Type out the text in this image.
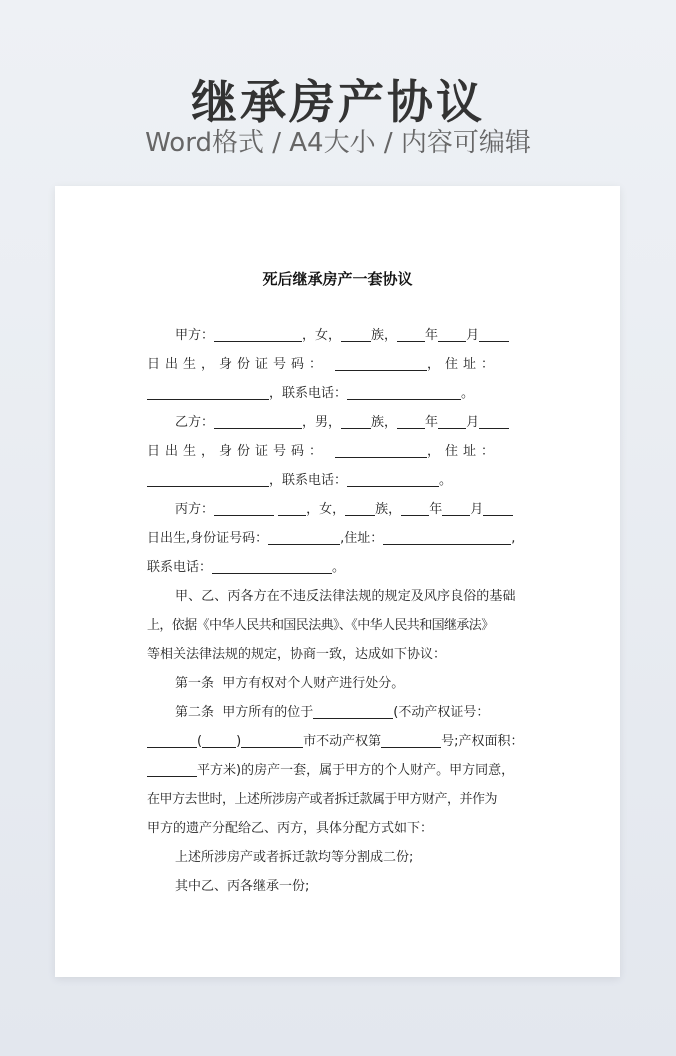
继承房产协议
Word格式 / A4大小 / 内容可编辑
死后继承房产一套协议
甲方：	，女， 族， 年 月
日出生，身份证号码：	，住址：
，联系电话：	。
乙方：	，男， 族， 年 月
日出生，身份证号码：	，住址：
，联系电话：	。
丙方：	，女， 族， 年 月
日出生,身份证号码：	,住址：	,
联系电话：	。
甲、乙、丙各方在不违反法律法规的规定及风序良俗的基础
上，依据《中华人民共和国民法典》、《中华人民共和国继承法》
等相关法律法规的规定，协商一致，达成如下协议：
第一条  甲方有权对个人财产进行处分。
第二条  甲方所有的位于	(不动产权证号：
(	)	市不动产权第	号;产权面积：
平方米)的房产一套，属于甲方的个人财产。甲方同意，
在甲方去世时，上述所涉房产或者拆迁款属于甲方财产，并作为
甲方的遗产分配给乙、丙方，具体分配方式如下：
上述所涉房产或者拆迁款均等分割成二份;
其中乙、丙各继承一份;
